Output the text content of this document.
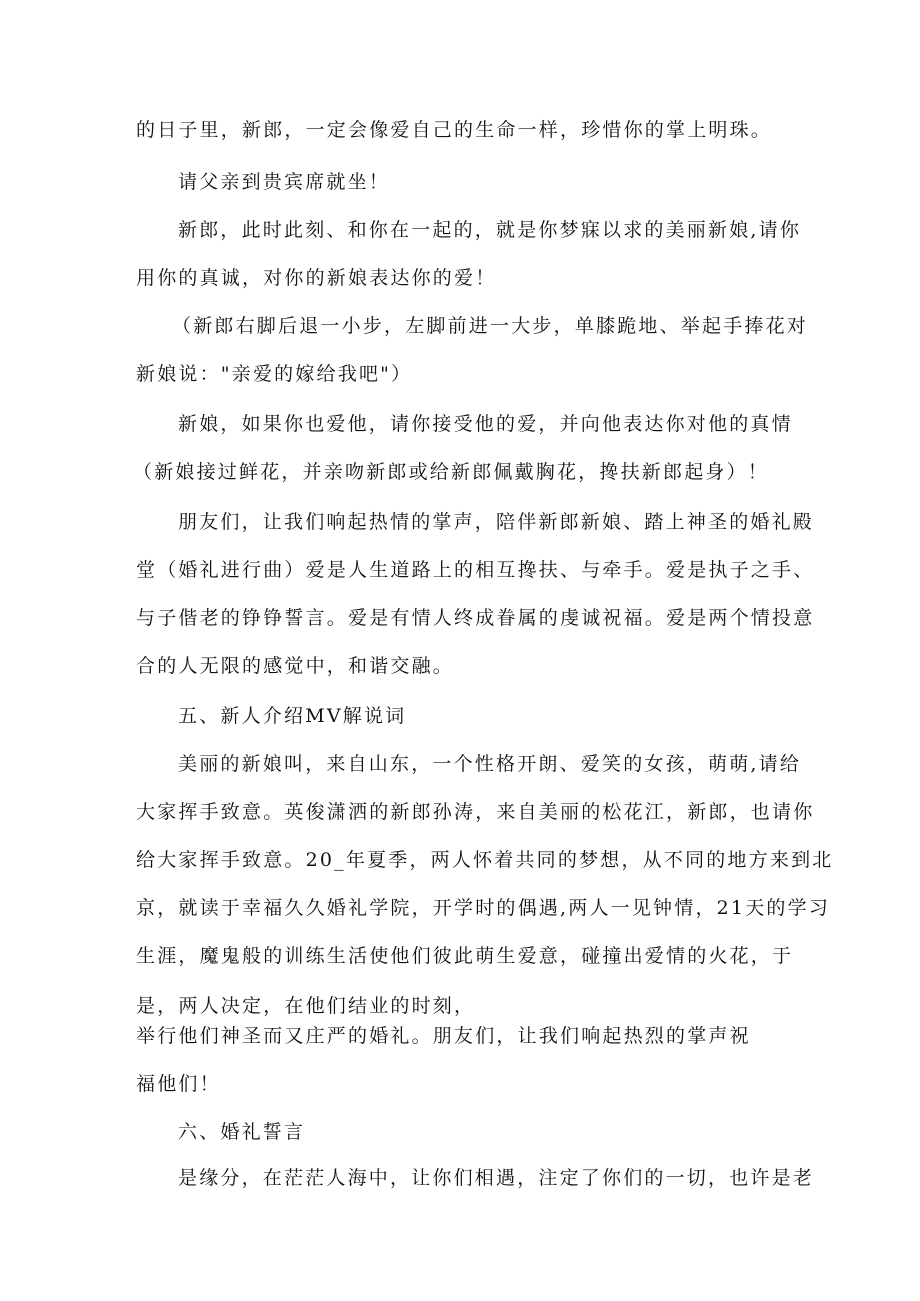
的日子里，新郎，一定会像爱自己的生命一样，珍惜你的掌上明珠。
请父亲到贵宾席就坐！
新郎，此时此刻、和你在一起的，就是你梦寐以求的美丽新娘,请你
用你的真诚，对你的新娘表达你的爱！
（新郎右脚后退一小步，左脚前进一大步，单膝跪地、举起手捧花对
新娘说："亲爱的嫁给我吧"）
新娘，如果你也爱他，请你接受他的爱，并向他表达你对他的真情
（新娘接过鲜花，并亲吻新郎或给新郎佩戴胸花，搀扶新郎起身）！
朋友们，让我们响起热情的掌声，陪伴新郎新娘、踏上神圣的婚礼殿
堂（婚礼进行曲）爱是人生道路上的相互搀扶、与牵手。爱是执子之手、
与子偕老的铮铮誓言。爱是有情人终成眷属的虔诚祝福。爱是两个情投意
合的人无限的感觉中，和谐交融。
五、新人介绍MV解说词
美丽的新娘叫，来自山东，一个性格开朗、爱笑的女孩，萌萌,请给
大家挥手致意。英俊潇洒的新郎孙涛，来自美丽的松花江，新郎，也请你
给大家挥手致意。20_年夏季，两人怀着共同的梦想，从不同的地方来到北
京，就读于幸福久久婚礼学院，开学时的偶遇,两人一见钟情，21天的学习
生涯，魔鬼般的训练生活使他们彼此萌生爱意，碰撞出爱情的火花，于
是，两人决定，在他们结业的时刻，
举行他们神圣而又庄严的婚礼。朋友们，让我们响起热烈的掌声祝
福他们！
六、婚礼誓言
是缘分，在茫茫人海中，让你们相遇，注定了你们的一切，也许是老
